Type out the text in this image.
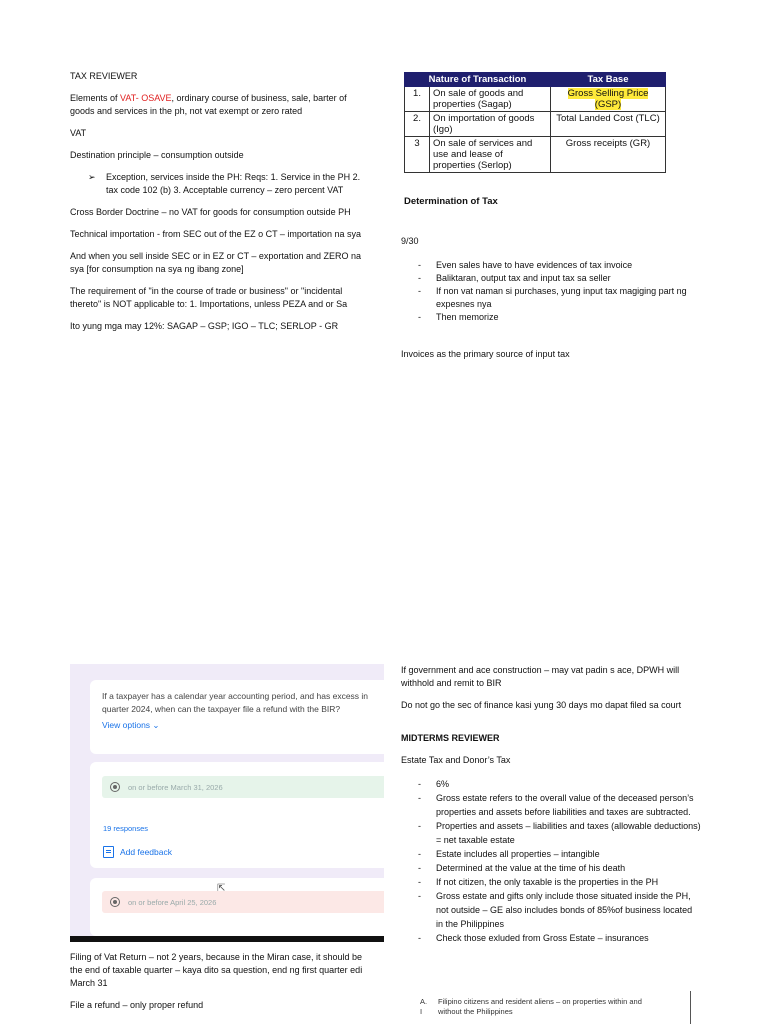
TAX REVIEWER

Elements of VAT- OSAVE, ordinary course of business, sale, barter of goods and services in the ph, not vat exempt or zero rated

VAT

Destination principle – consumption outside

➢	Exception, services inside the PH: Reqs: 1. Service in the PH 2. tax code 102 (b) 3. Acceptable currency – zero percent VAT

Cross Border Doctrine – no VAT for goods for consumption outside PH

Technical importation - from SEC out of the EZ o CT – importation na sya

And when you sell inside SEC or in EZ or CT – exportation and ZERO na sya [for consumption na sya ng ibang zone]

The requirement of "in the course of trade or business" or "incidental thereto" is NOT applicable to: 1. Importations, unless PEZA and or Sa

Ito yung mga may 12%: SAGAP – GSP; IGO – TLC; SERLOP - GR

Nature of Transaction		Tax Base
1.	On sale of goods and properties (Sagap)	Gross Selling Price (GSP)
2.	On importation of goods (Igo)	Total Landed Cost (TLC)
3	On sale of services and use and lease of properties (Serlop)	Gross receipts (GR)
$^{Determination of Tax}$

9/30

-	Even sales have to have evidences of tax invoice
-	Baliktaran, output tax and input tax sa seller
-	If non vat naman si purchases, yung input tax magiging part ng expesnes nya
-	Then memorize

Invoices as the primary source of input tax

If a taxpayer has a calendar year accounting period, and has excess in quarter 2024, when can the taxpayer file a refund with the BIR?
View options ⌄
on or before March 31, 2026
19 responses
Add feedback
on or before April 25, 2026
⇱

Filing of Vat Return – not 2 years, because in the Miran case, it should be the end of taxable quarter – kaya dito sa question, end ng first quarter edi March 31

File a refund – only proper refund

If government and ace construction – may vat padin s ace, DPWH will withhold and remit to BIR

Do not go the sec of finance kasi yung 30 days mo dapat filed sa court

MIDTERMS REVIEWER

Estate Tax and Donor’s Tax

-	6%
-	Gross estate refers to the overall value of the deceased person’s properties and assets before liabilities and taxes are subtracted.
-	Properties and assets – liabilities and taxes (allowable deductions) = net taxable estate
-	Estate includes all properties – intangible
-	Determined at the value at the time of his death
-	If not citizen, the only taxable is the properties in the PH
-	Gross estate and gifts only include those situated inside the PH, not outside – GE also includes bonds of 85%of business located in the Philippines
-	Check those exluded from Gross Estate – insurances
A.	Filipino citizens and resident aliens – on properties within and
I	without the Philippines
